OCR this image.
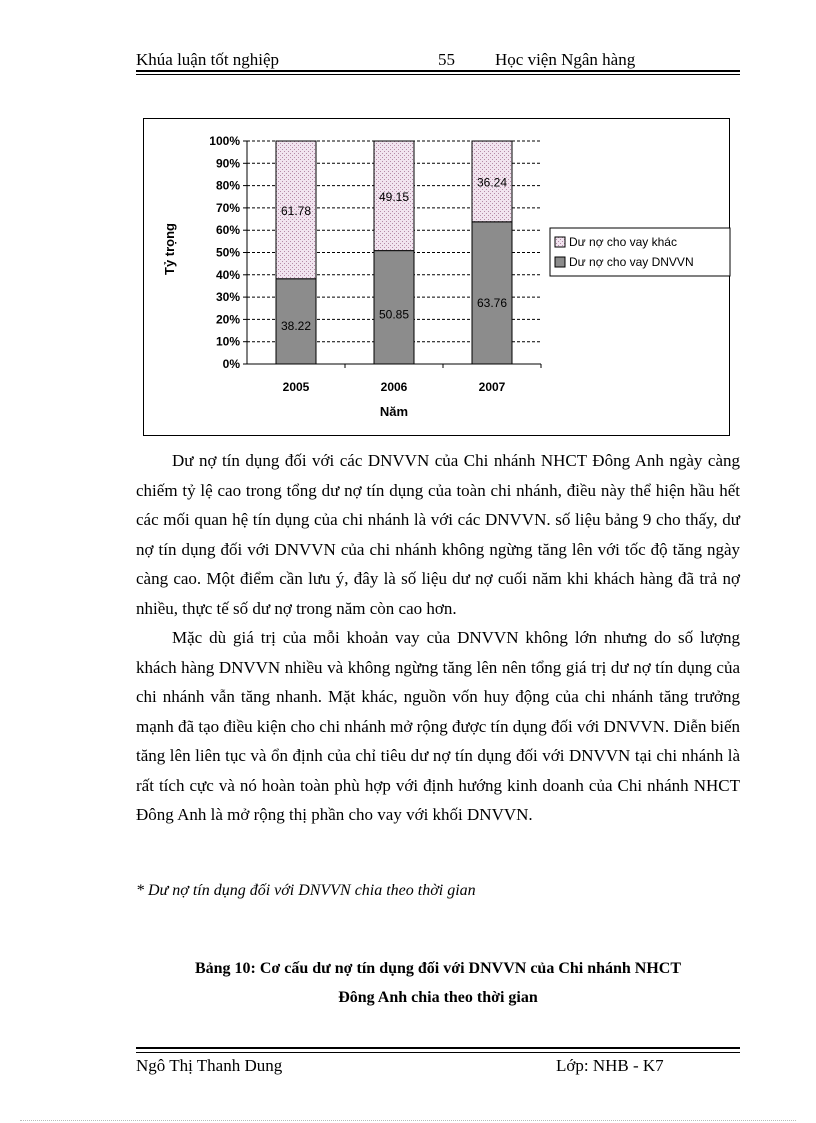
Khúa luận tốt nghiệp	55 Học viện Ngân hàng
38.22
61.78
50.85
49.15
63.76
36.24
0%
10%
20%
30%
40%
50%
60%
70%
80%
90%
100%
2005	2006	2007
Tỷ trọng
Năm
Dư nợ cho vay khác
Dư nợ cho vay DNVVN

Dư nợ tín dụng đối với các DNVVN của Chi nhánh NHCT Đông Anh ngày càng chiếm tỷ lệ cao trong tổng dư nợ tín dụng của toàn chi nhánh, điều này thể hiện hầu hết các mối quan hệ tín dụng của chi nhánh là với các DNVVN. số liệu bảng 9 cho thấy, dư nợ tín dụng đối với DNVVN của chi nhánh không ngừng tăng lên với tốc độ tăng ngày càng cao. Một điểm cần lưu ý, đây là số liệu dư nợ cuối năm khi khách hàng đã trả nợ nhiều, thực tế số dư nợ trong năm còn cao hơn.

Mặc dù giá trị của mỗi khoản vay của DNVVN không lớn nhưng do số lượng khách hàng DNVVN nhiều và không ngừng tăng lên nên tổng giá trị dư nợ tín dụng của chi nhánh vẫn tăng nhanh. Mặt khác, nguồn vốn huy động của chi nhánh tăng trưởng mạnh đã tạo điều kiện cho chi nhánh mở rộng được tín dụng đối với DNVVN. Diễn biến tăng lên liên tục và ổn định của chỉ tiêu dư nợ tín dụng đối với DNVVN tại chi nhánh là rất tích cực và nó hoàn toàn phù hợp với định hướng kinh doanh của Chi nhánh NHCT Đông Anh là mở rộng thị phần cho vay với khối DNVVN.

* Dư nợ tín dụng đối với DNVVN chia theo thời gian
Bảng 10: Cơ cấu dư nợ tín dụng đối với DNVVN của Chi nhánh NHCT
Đông Anh chia theo thời gian
Ngô Thị Thanh Dung	Lớp: NHB - K7
